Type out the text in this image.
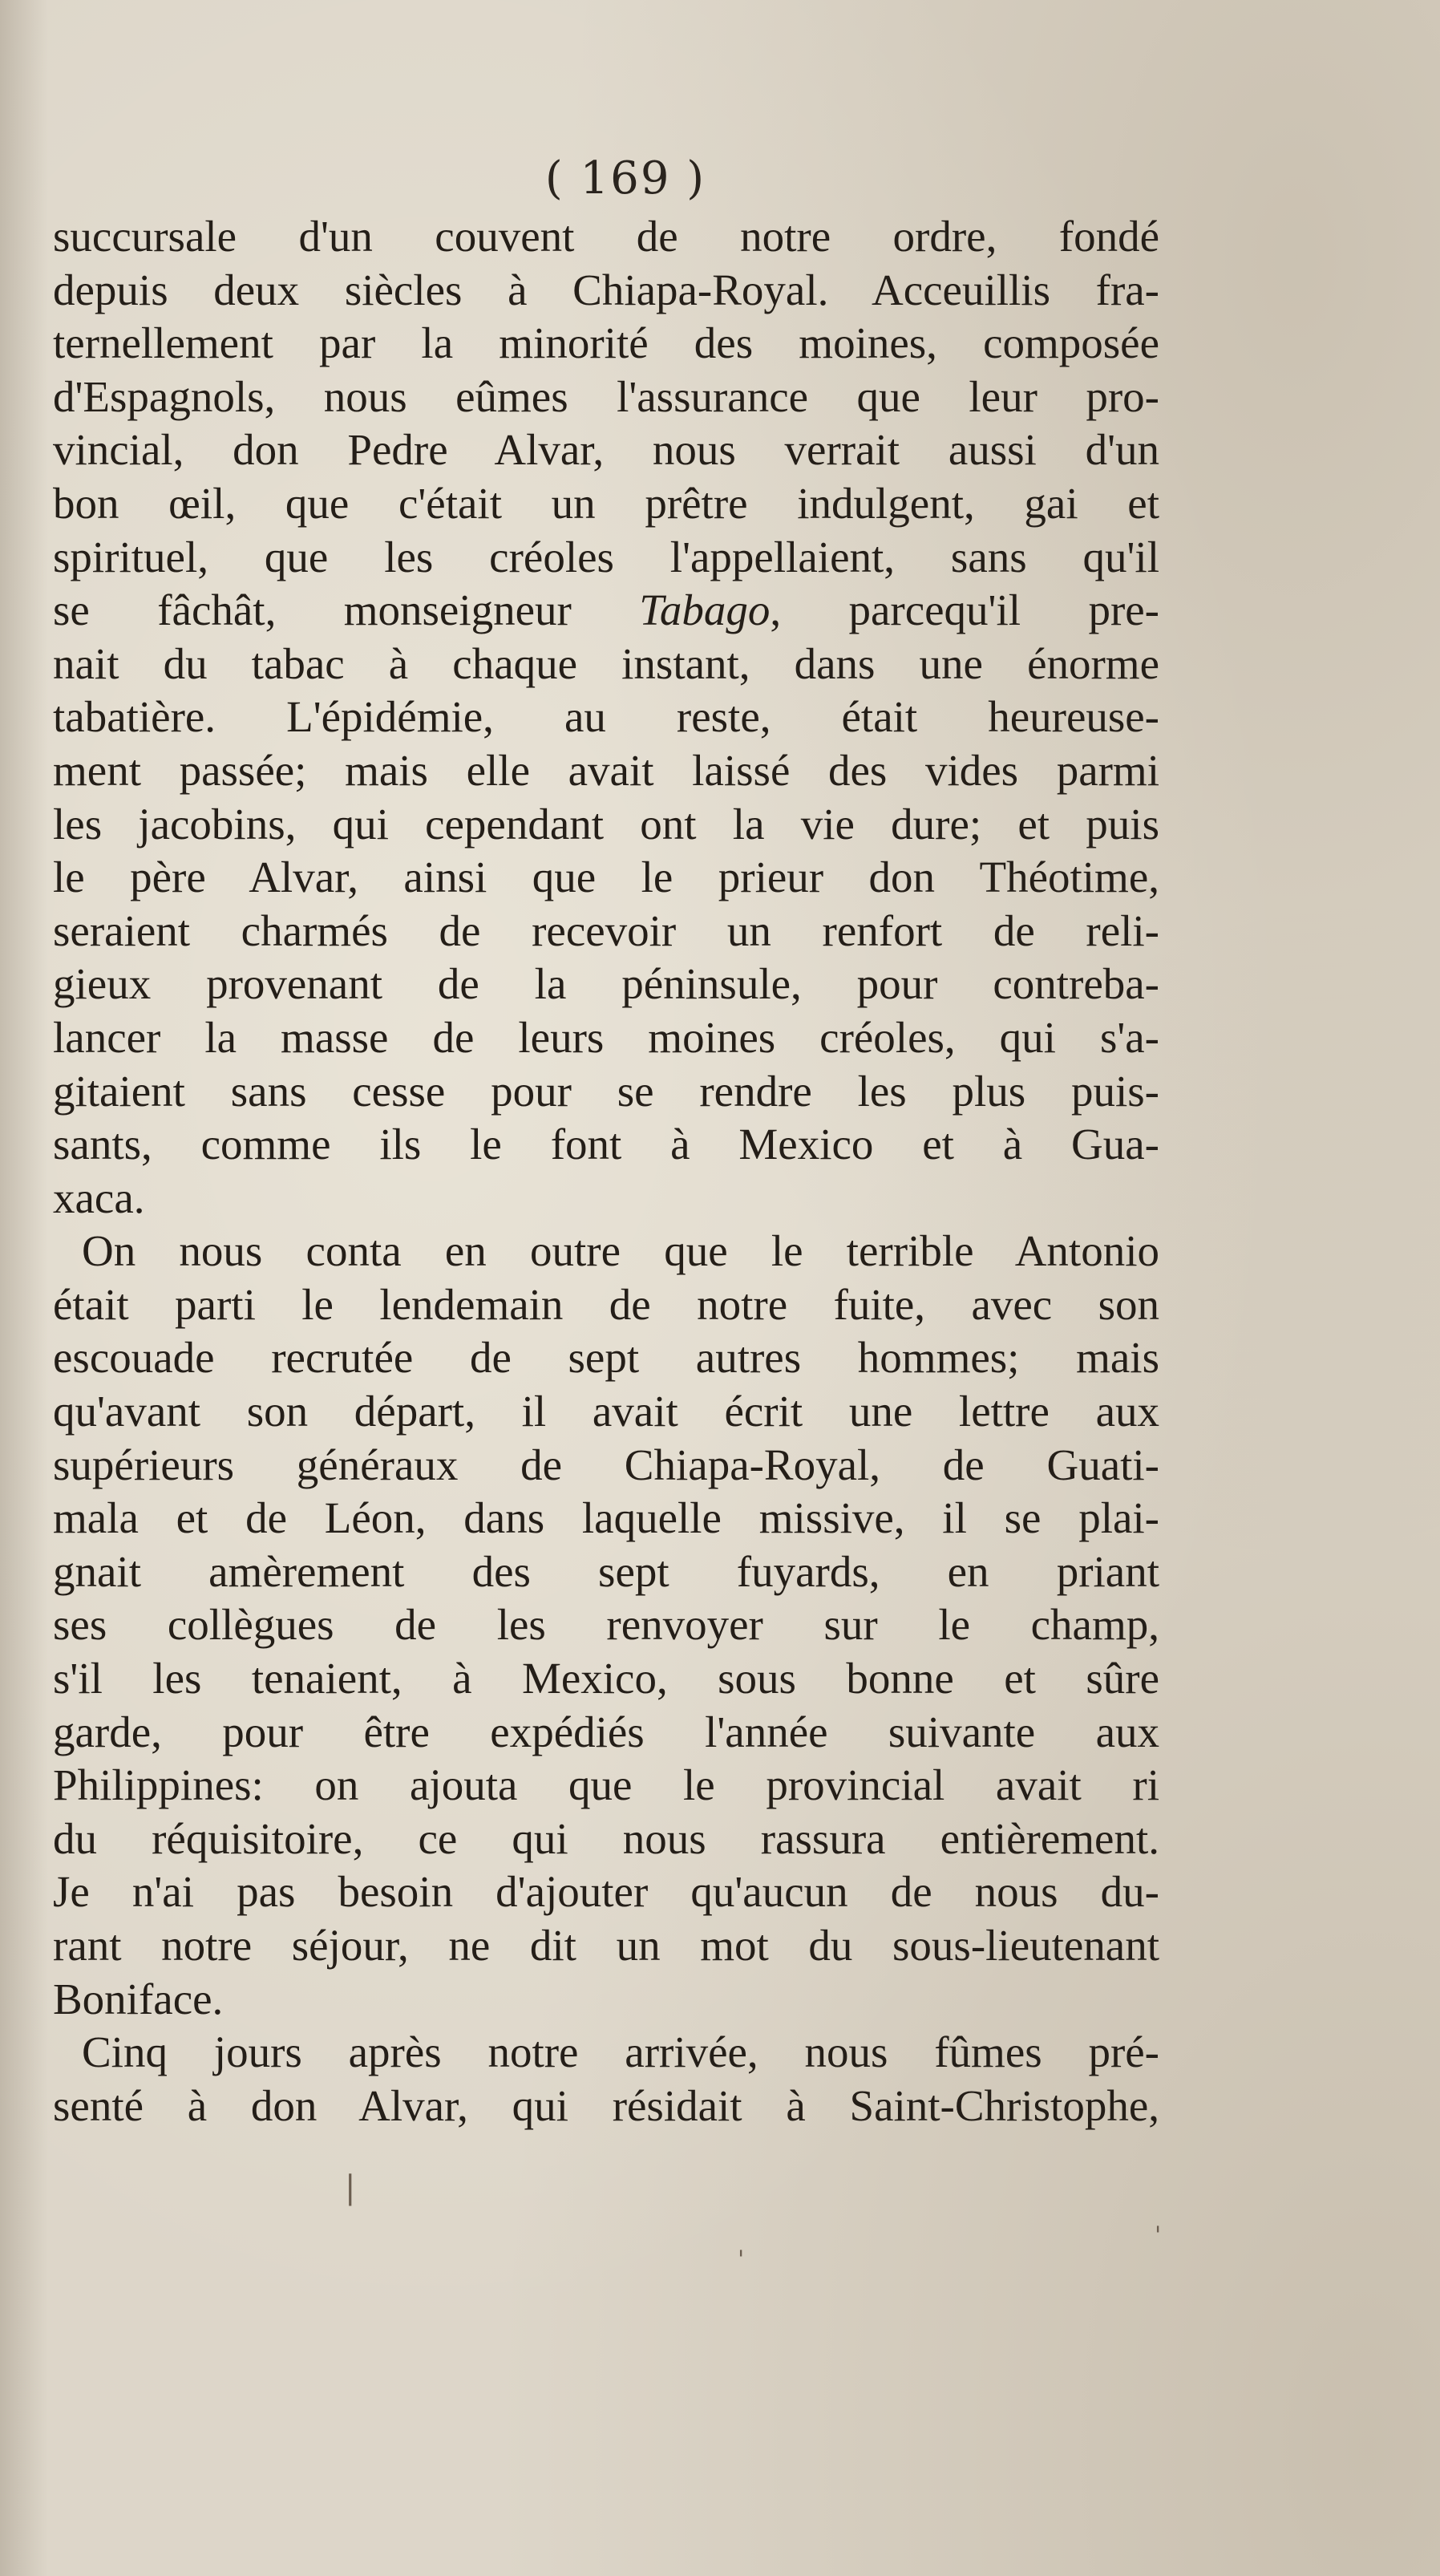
( 169 )
succursale d'un couvent de notre ordre, fondé
depuis deux siècles à Chiapa-Royal. Acceuillis fra-
ternellement par la minorité des moines, composée
d'Espagnols, nous eûmes l'assurance que leur pro-
vincial, don Pedre Alvar, nous verrait aussi d'un
bon œil, que c'était un prêtre indulgent, gai et
spirituel, que les créoles l'appellaient, sans qu'il
se fâchât, monseigneur Tabago, parcequ'il pre-
nait du tabac à chaque instant, dans une énorme
tabatière. L'épidémie, au reste, était heureuse-
ment passée; mais elle avait laissé des vides parmi
les jacobins, qui cependant ont la vie dure; et puis
le père Alvar, ainsi que le prieur don Théotime,
seraient charmés de recevoir un renfort de reli-
gieux provenant de la péninsule, pour contreba-
lancer la masse de leurs moines créoles, qui s'a-
gitaient sans cesse pour se rendre les plus puis-
sants, comme ils le font à Mexico et à Gua-
xaca.
On nous conta en outre que le terrible Antonio
était parti le lendemain de notre fuite, avec son
escouade recrutée de sept autres hommes; mais
qu'avant son départ, il avait écrit une lettre aux
supérieurs généraux de Chiapa-Royal, de Guati-
mala et de Léon, dans laquelle missive, il se plai-
gnait amèrement des sept fuyards, en priant
ses collègues de les renvoyer sur le champ,
s'il les tenaient, à Mexico, sous bonne et sûre
garde, pour être expédiés l'année suivante aux
Philippines: on ajouta que le provincial avait ri
du réquisitoire, ce qui nous rassura entièrement.
Je n'ai pas besoin d'ajouter qu'aucun de nous du-
rant notre séjour, ne dit un mot du sous-lieutenant
Boniface.
Cinq jours après notre arrivée, nous fûmes pré-
senté à don Alvar, qui résidait à Saint-Christophe,
|
'
'
